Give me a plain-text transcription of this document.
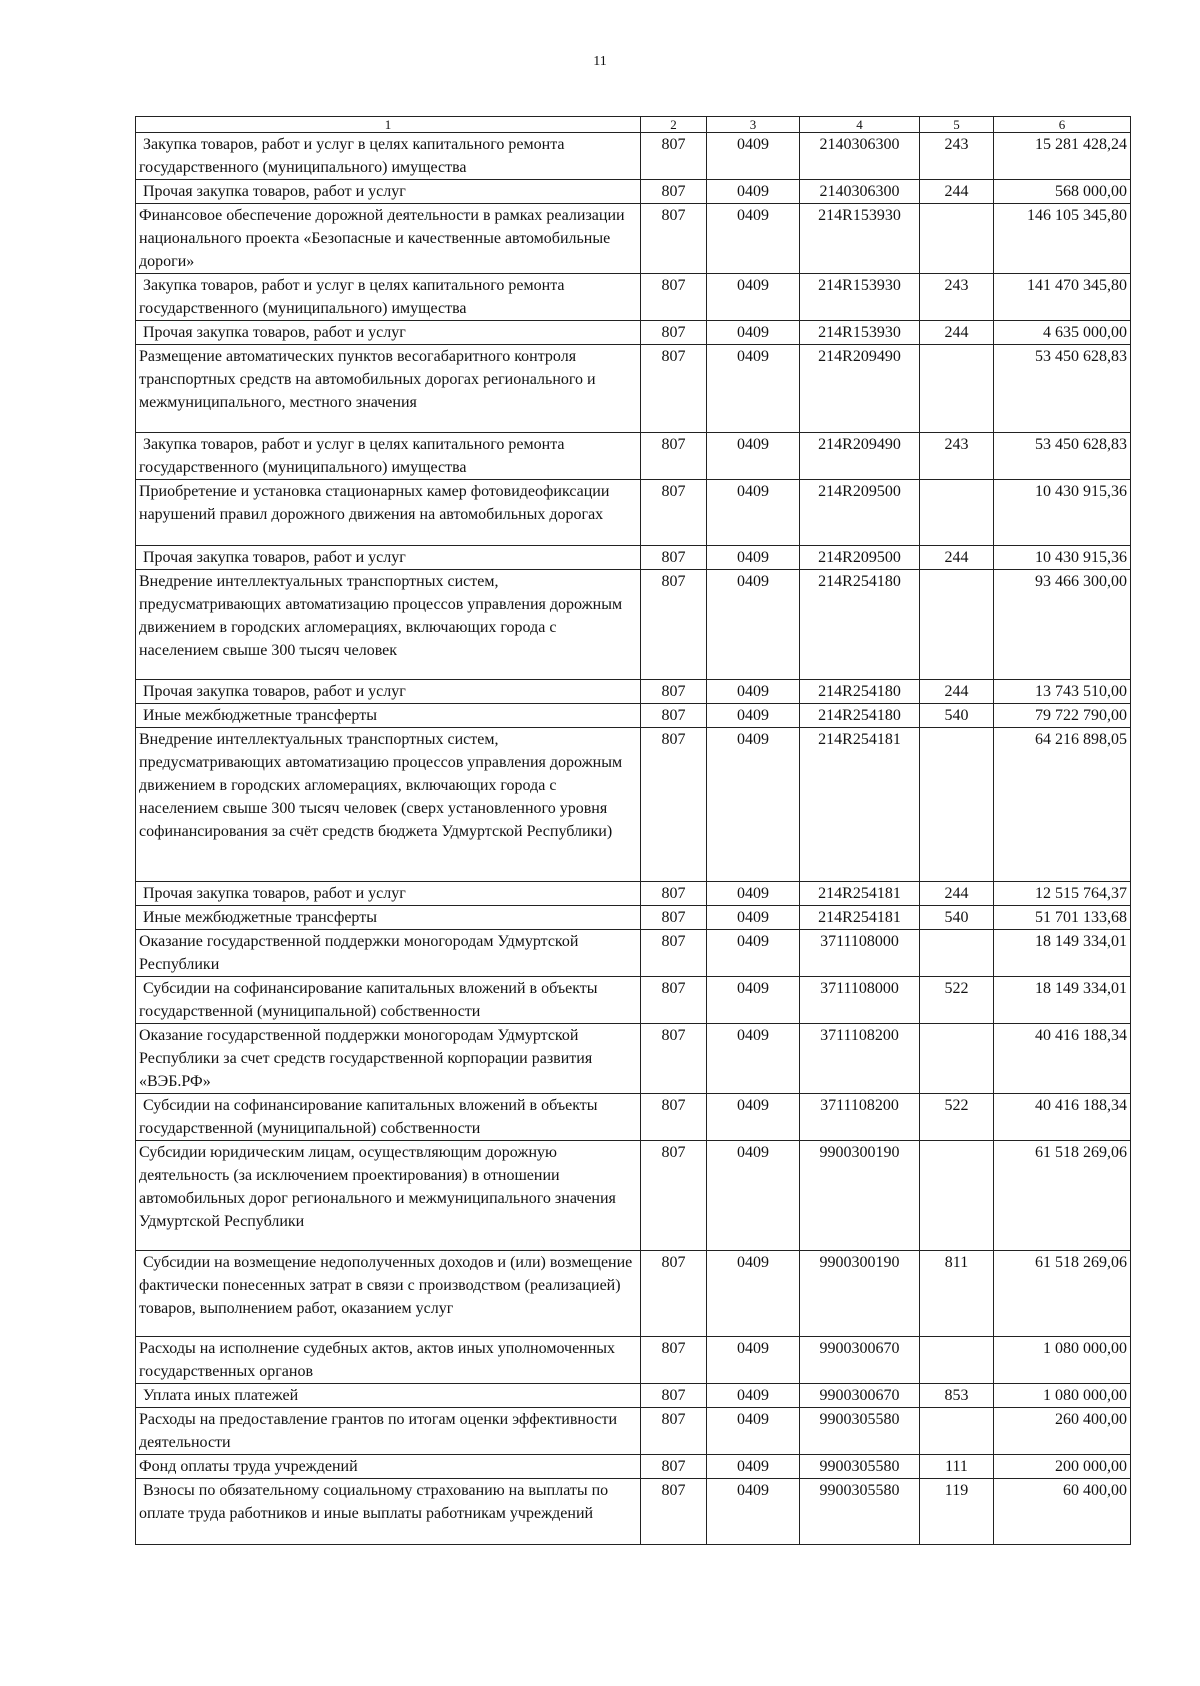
11
1	2	3	4	5	6
Закупка товаров, работ и услуг в целях капитального ремонта государственного (муниципального) имущества	807	0409	2140306300	243	15 281 428,24
Прочая закупка товаров, работ и услуг	807	0409	2140306300	244	568 000,00
Финансовое обеспечение дорожной деятельности в рамках реализации национального проекта «Безопасные и качественные автомобильные дороги»	807	0409	214R153930		146 105 345,80
Закупка товаров, работ и услуг в целях капитального ремонта государственного (муниципального) имущества	807	0409	214R153930	243	141 470 345,80
Прочая закупка товаров, работ и услуг	807	0409	214R153930	244	4 635 000,00
Размещение автоматических пунктов весогабаритного контроля транспортных средств на автомобильных дорогах регионального и межмуниципального, местного значения	807	0409	214R209490		53 450 628,83
Закупка товаров, работ и услуг в целях капитального ремонта государственного (муниципального) имущества	807	0409	214R209490	243	53 450 628,83
Приобретение и установка стационарных камер фотовидеофиксации нарушений правил дорожного движения на автомобильных дорогах	807	0409	214R209500		10 430 915,36
Прочая закупка товаров, работ и услуг	807	0409	214R209500	244	10 430 915,36
Внедрение интеллектуальных транспортных систем, предусматривающих автоматизацию процессов управления дорожным движением в городских агломерациях, включающих города с населением свыше 300 тысяч человек	807	0409	214R254180		93 466 300,00
Прочая закупка товаров, работ и услуг	807	0409	214R254180	244	13 743 510,00
Иные межбюджетные трансферты	807	0409	214R254180	540	79 722 790,00
Внедрение интеллектуальных транспортных систем, предусматривающих автоматизацию процессов управления дорожным движением в городских агломерациях, включающих города с населением свыше 300 тысяч человек (сверх установленного уровня софинансирования за счёт средств бюджета Удмуртской Республики)	807	0409	214R254181		64 216 898,05
Прочая закупка товаров, работ и услуг	807	0409	214R254181	244	12 515 764,37
Иные межбюджетные трансферты	807	0409	214R254181	540	51 701 133,68
Оказание государственной поддержки моногородам Удмуртской Республики	807	0409	3711108000		18 149 334,01
Субсидии на софинансирование капитальных вложений в объекты государственной (муниципальной) собственности	807	0409	3711108000	522	18 149 334,01
Оказание государственной поддержки моногородам Удмуртской Республики за счет средств государственной корпорации развития «ВЭБ.РФ»	807	0409	3711108200		40 416 188,34
Субсидии на софинансирование капитальных вложений в объекты государственной (муниципальной) собственности	807	0409	3711108200	522	40 416 188,34
Субсидии юридическим лицам, осуществляющим дорожную деятельность (за исключением проектирования) в отношении автомобильных дорог регионального и межмуниципального значения Удмуртской Республики	807	0409	9900300190		61 518 269,06
Субсидии на возмещение недополученных доходов и (или) возмещение фактически понесенных затрат в связи с производством (реализацией) товаров, выполнением работ, оказанием услуг	807	0409	9900300190	811	61 518 269,06
Расходы на исполнение судебных актов, актов иных уполномоченных государственных органов	807	0409	9900300670		1 080 000,00
Уплата иных платежей	807	0409	9900300670	853	1 080 000,00
Расходы на предоставление грантов по итогам оценки эффективности деятельности	807	0409	9900305580		260 400,00
Фонд оплаты труда учреждений	807	0409	9900305580	111	200 000,00
Взносы по обязательному социальному страхованию на выплаты по оплате труда работников и иные выплаты работникам учреждений	807	0409	9900305580	119	60 400,00
